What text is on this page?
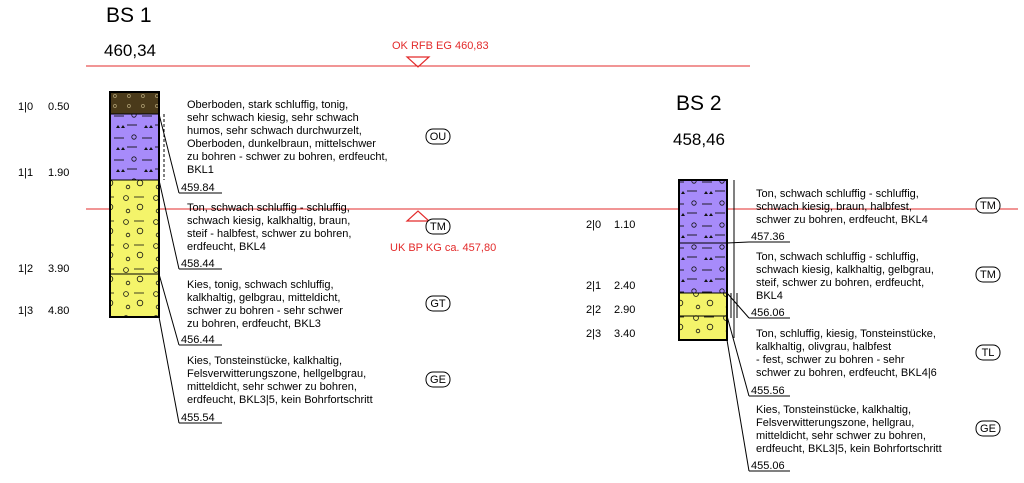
OK RFB EG 460,83
UK BP KG ca. 457,80
BS 1
460,34
1|0 0.50
1|1 1.90
1|2 3.90
1|3 4.80
Oberboden, stark schluffig, tonig, sehr schwach kiesig, sehr schwach humos, sehr schwach durchwurzelt, Oberboden, dunkelbraun, mittelschwer zu bohren - schwer zu bohren, erdfeucht, BKL1
OU
459.84
Ton, schwach schluffig - schluffig, schwach kiesig, kalkhaltig, braun, steif - halbfest, schwer zu bohren, erdfeucht, BKL4
TM
458.44
Kies, tonig, schwach schluffig, kalkhaltig, gelbgrau, mitteldicht, schwer zu bohren - sehr schwer zu bohren, erdfeucht, BKL3
GT
456.44
Kies, Tonsteinstücke, kalkhaltig, Felsverwitterungszone, hellgelbgrau, mitteldicht, sehr schwer zu bohren, erdfeucht, BKL3|5, kein Bohrfortschritt
GE
455.54
BS 2
458,46
2|0 1.10
2|1 2.40
2|2 2.90
2|3 3.40
Ton, schwach schluffig - schluffig, schwach kiesig, braun, halbfest, schwer zu bohren, erdfeucht, BKL4
TM
457.36
Ton, schwach schluffig - schluffig, schwach kiesig, kalkhaltig, gelbgrau, steif, schwer zu bohren, erdfeucht, BKL4
TM
456.06
Ton, schluffig, kiesig, Tonsteinstücke, kalkhaltig, olivgrau, halbfest - fest, schwer zu bohren - sehr schwer zu bohren, erdfeucht, BKL4|6
TL
455.56
Kies, Tonsteinstücke, kalkhaltig, Felsverwitterungszone, hellgrau, mitteldicht, sehr schwer zu bohren, erdfeucht, BKL3|5, kein Bohrfortschritt
GE
455.06
